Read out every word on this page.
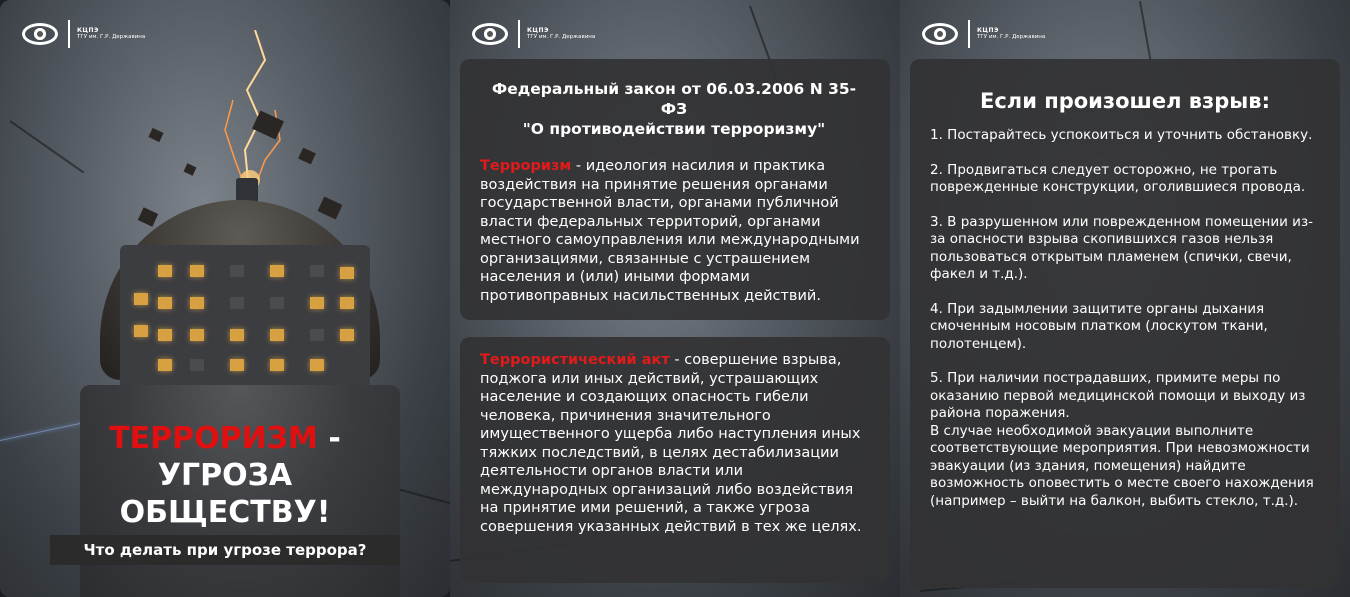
КЦПЭ
ТГУ им. Г.Р. Державина
ТЕРРОРИЗМ -
УГРОЗА
ОБЩЕСТВУ!
Что делать при угрозе террора?
КЦПЭ
ТГУ им. Г.Р. Державина
КЦПЭ
ТГУ им. Г.Р. Державина
Федеральный закон от 06.03.2006 N 35-ФЗ
"О противодействии терроризму"
Терроризм - идеология насилия и практика воздействия на принятие решения органами государственной власти, органами публичной власти федеральных территорий, органами местного самоуправления или международными организациями, связанные с устрашением населения и (или) иными формами противоправных насильственных действий.
Террористический акт - совершение взрыва, поджога или иных действий, устрашающих население и создающих опасность гибели человека, причинения значительного имущественного ущерба либо наступления иных тяжких последствий, в целях дестабилизации деятельности органов власти или международных организаций либо воздействия на принятие ими решений, а также угроза совершения указанных действий в тех же целях.
Если произошел взрыв:

1. Постарайтесь успокоиться и уточнить обстановку.

2. Продвигаться следует осторожно, не трогать поврежденные конструкции, оголившиеся провода.

3. В разрушенном или поврежденном помещении из-за опасности взрыва скопившихся газов нельзя пользоваться открытым пламенем (спички, свечи, факел и т.д.).

4. При задымлении защитите органы дыхания смоченным носовым платком (лоскутом ткани, полотенцем).

5. При наличии пострадавших, примите меры по оказанию первой медицинской помощи и выходу из района поражения.

В случае необходимой эвакуации выполните соответствующие мероприятия. При невозможности эвакуации (из здания, помещения) найдите возможность оповестить о месте своего нахождения (например – выйти на балкон, выбить стекло, т.д.).
